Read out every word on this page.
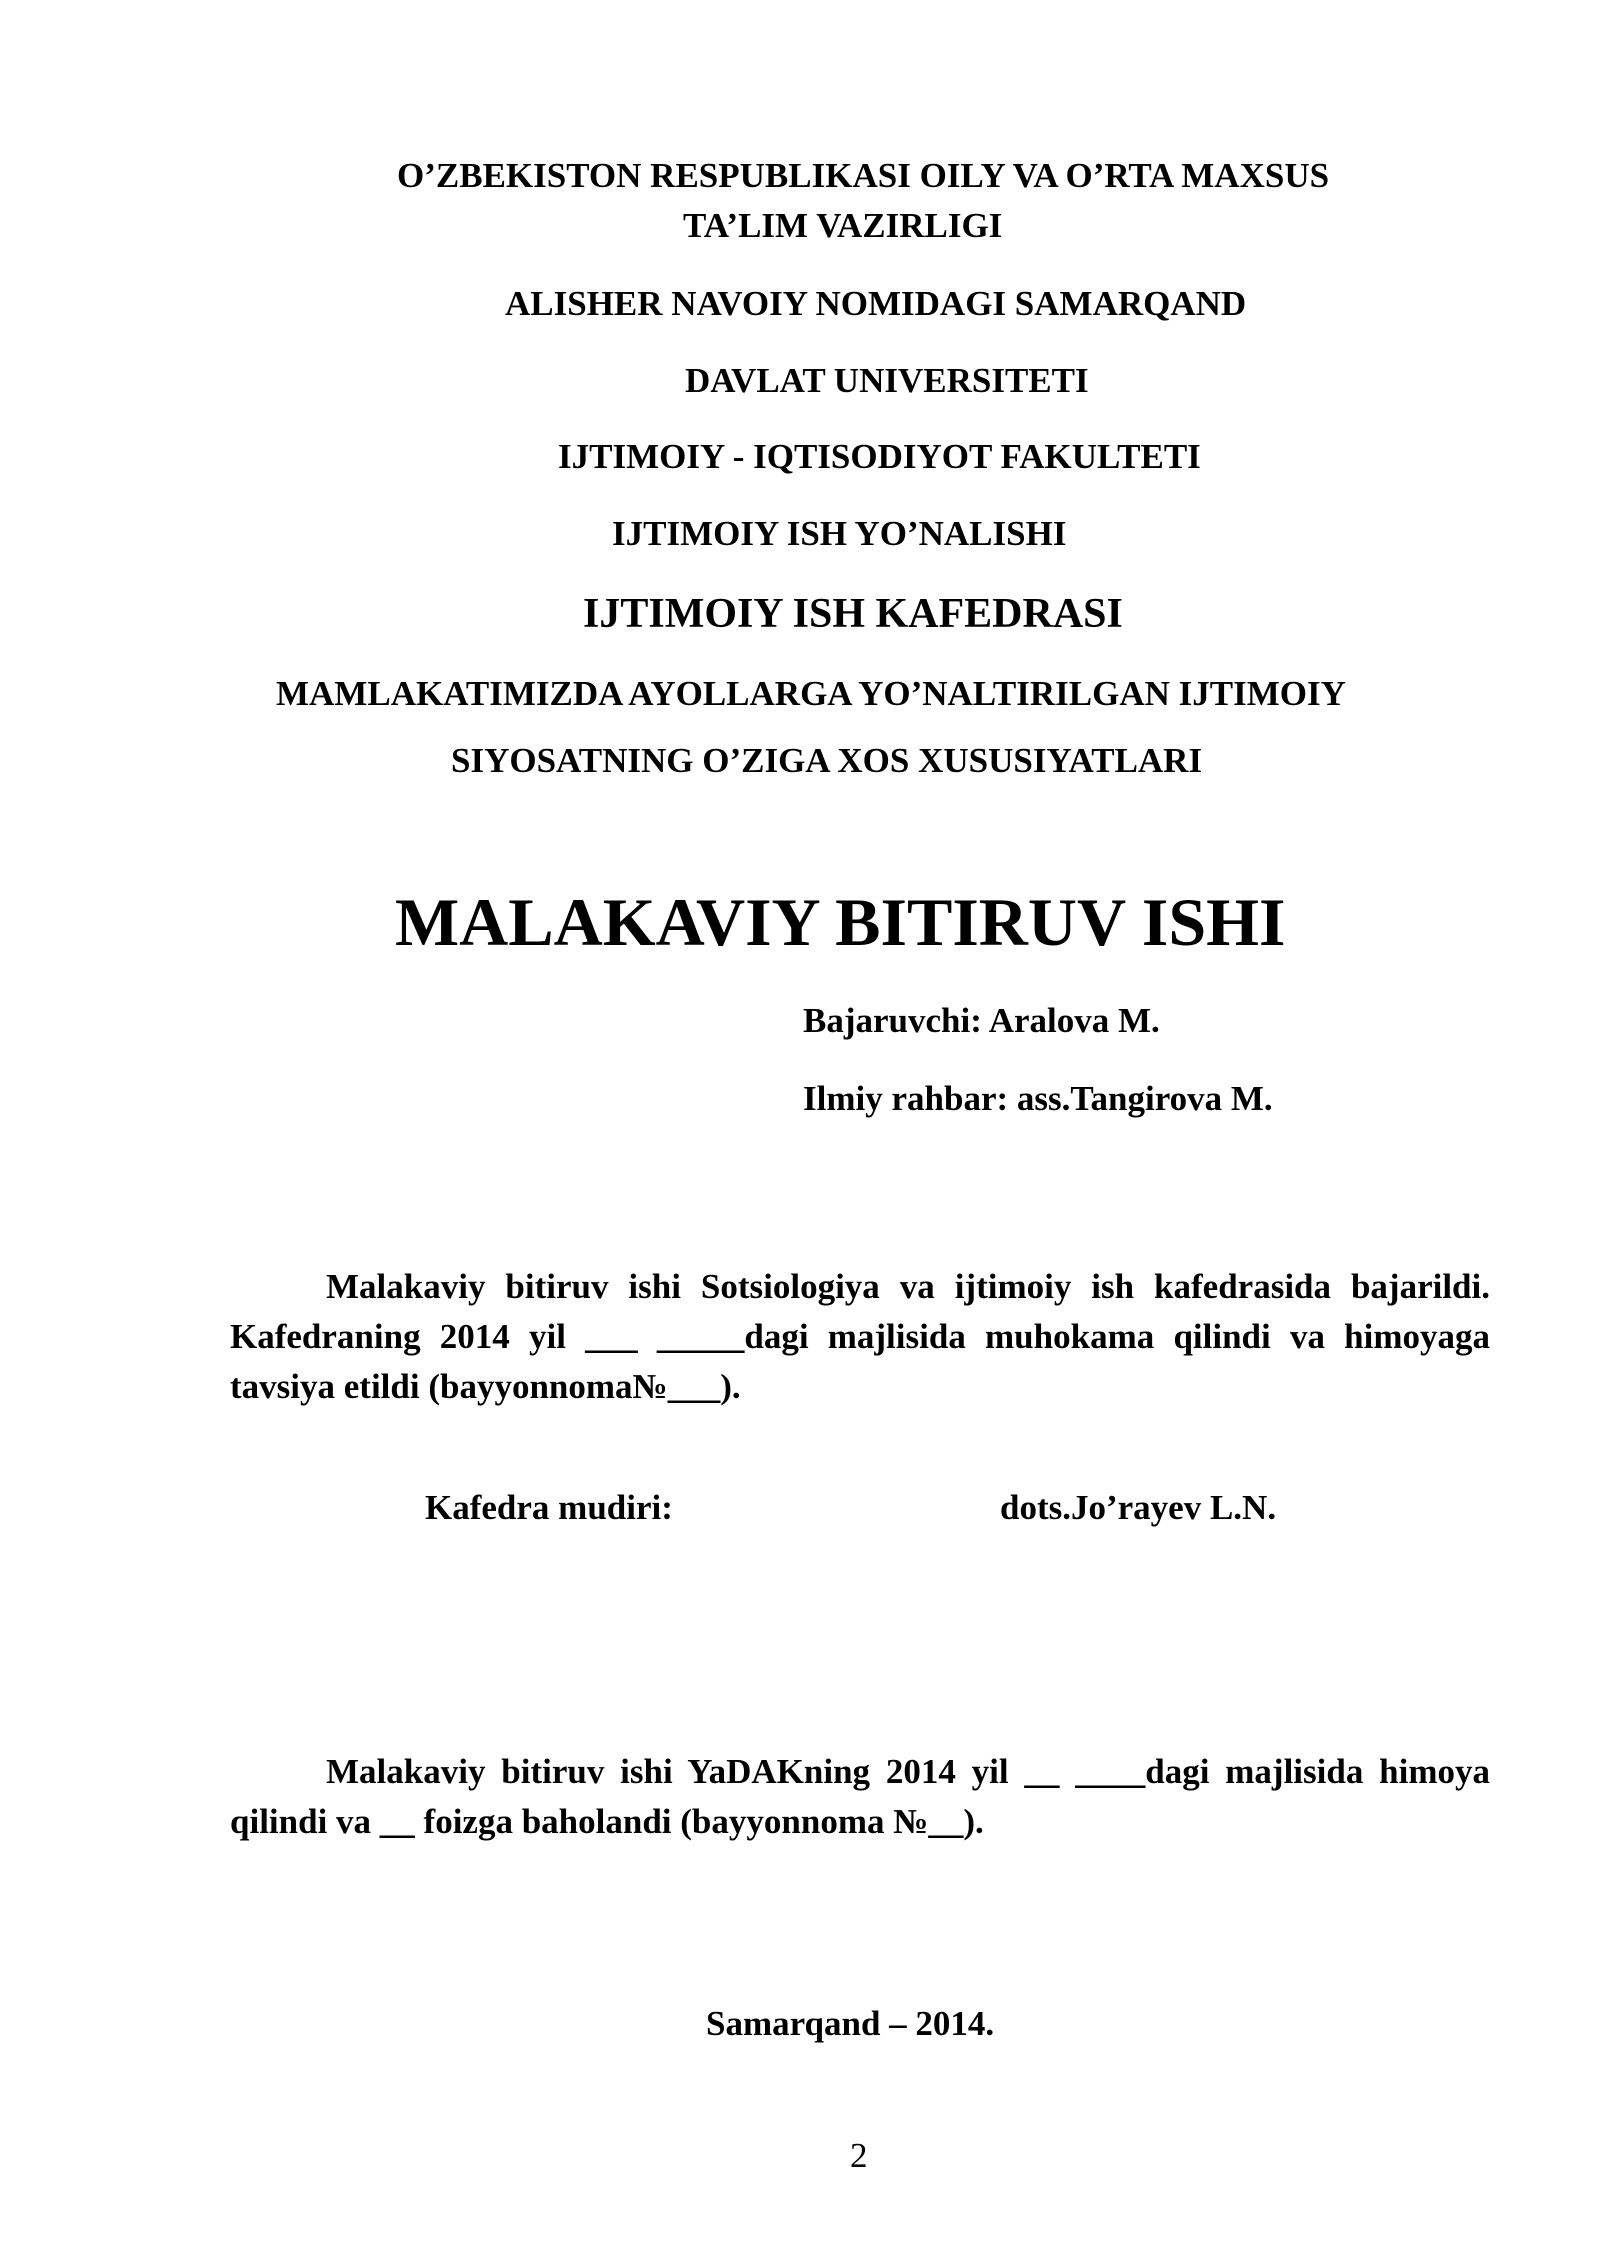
O’ZBEKISTON RESPUBLIKASI OILY VA O’RTA MAXSUS
TA’LIM VAZIRLIGI
ALISHER NAVOIY NOMIDAGI SAMARQAND
DAVLAT UNIVERSITETI
IJTIMOIY - IQTISODIYOT FAKULTETI
IJTIMOIY ISH YO’NALISHI
IJTIMOIY ISH KAFEDRASI
MAMLAKATIMIZDA AYOLLARGA YO’NALTIRILGAN IJTIMOIY
SIYOSATNING O’ZIGA XOS XUSUSIYATLARI
MALAKAVIY BITIRUV ISHI
Bajaruvchi: Aralova M.
Ilmiy rahbar: ass.Tangirova M.

Malakaviy bitiruv ishi Sotsiologiya va ijtimoiy ish kafedrasida bajarildi. Kafedraning 2014 yil ___ _____dagi majlisida muhokama qilindi va himoyaga tavsiya etildi (bayyonnoma№___).

Kafedra mudiri:	dots.Jo’rayev L.N.

Malakaviy bitiruv ishi YaDAKning 2014 yil __ ____dagi majlisida himoya qilindi va __ foizga baholandi (bayyonnoma №__).

Samarqand – 2014.
2
